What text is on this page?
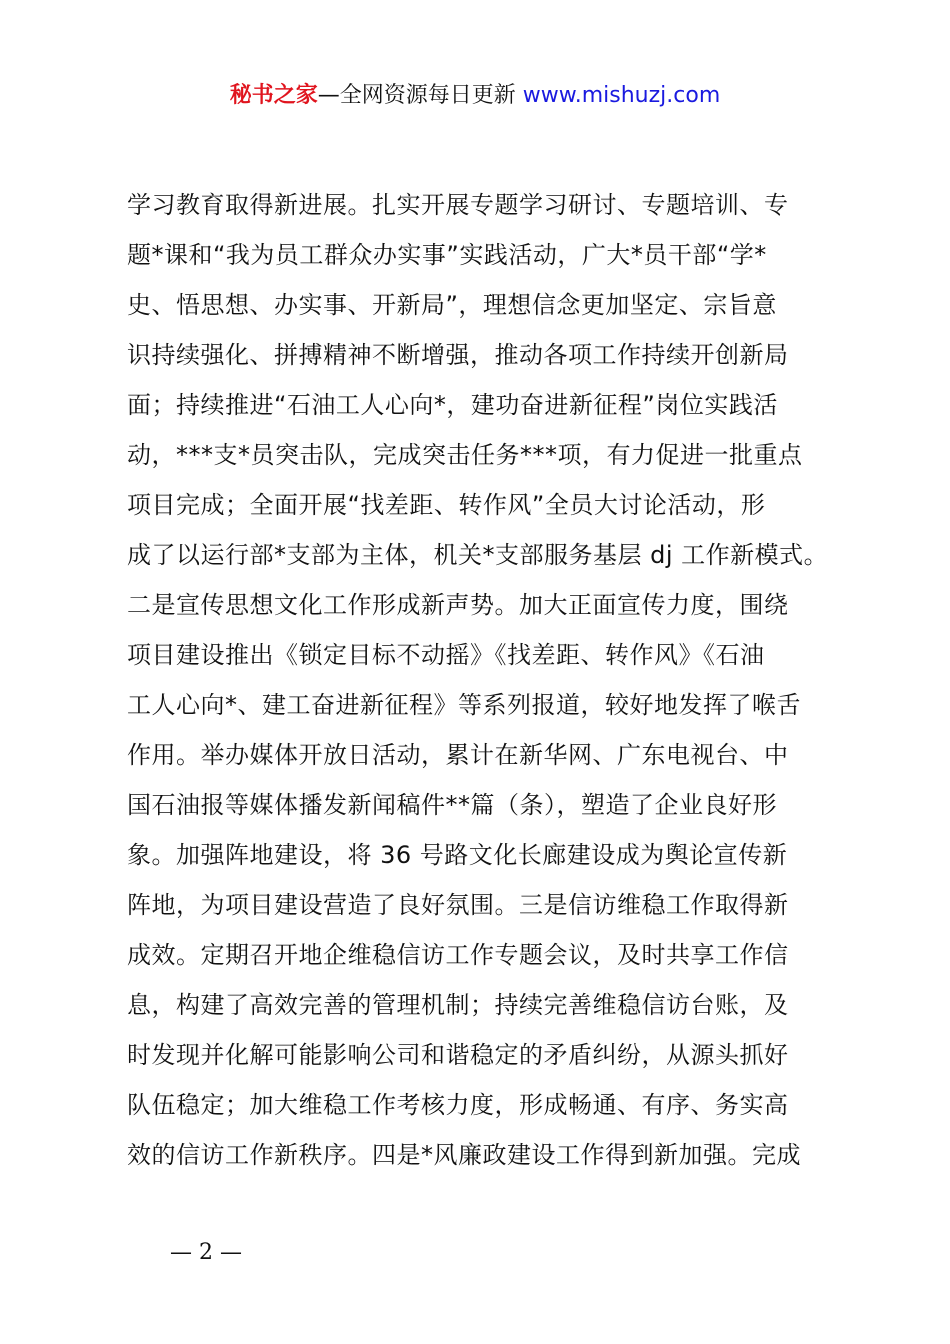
秘书之家—全网资源每日更新 www.mishuzj.com
学习教育取得新进展。扎实开展专题学习研讨、专题培训、专
题*课和“我为员工群众办实事”实践活动，广大*员干部“学*
史、悟思想、办实事、开新局”，理想信念更加坚定、宗旨意
识持续强化、拼搏精神不断增强，推动各项工作持续开创新局
面；持续推进“石油工人心向*，建功奋进新征程”岗位实践活
动，***支*员突击队，完成突击任务***项，有力促进一批重点
项目完成；全面开展“找差距、转作风”全员大讨论活动，形
成了以运行部*支部为主体，机关*支部服务基层 dj 工作新模式。
二是宣传思想文化工作形成新声势。加大正面宣传力度，围绕
项目建设推出《锁定目标不动摇》《找差距、转作风》《石油
工人心向*、建工奋进新征程》等系列报道，较好地发挥了喉舌
作用。举办媒体开放日活动，累计在新华网、广东电视台、中
国石油报等媒体播发新闻稿件**篇（条），塑造了企业良好形
象。加强阵地建设，将 36 号路文化长廊建设成为舆论宣传新
阵地，为项目建设营造了良好氛围。三是信访维稳工作取得新
成效。定期召开地企维稳信访工作专题会议，及时共享工作信
息，构建了高效完善的管理机制；持续完善维稳信访台账，及
时发现并化解可能影响公司和谐稳定的矛盾纠纷，从源头抓好
队伍稳定；加大维稳工作考核力度，形成畅通、有序、务实高
效的信访工作新秩序。四是*风廉政建设工作得到新加强。完成
— 2 —
